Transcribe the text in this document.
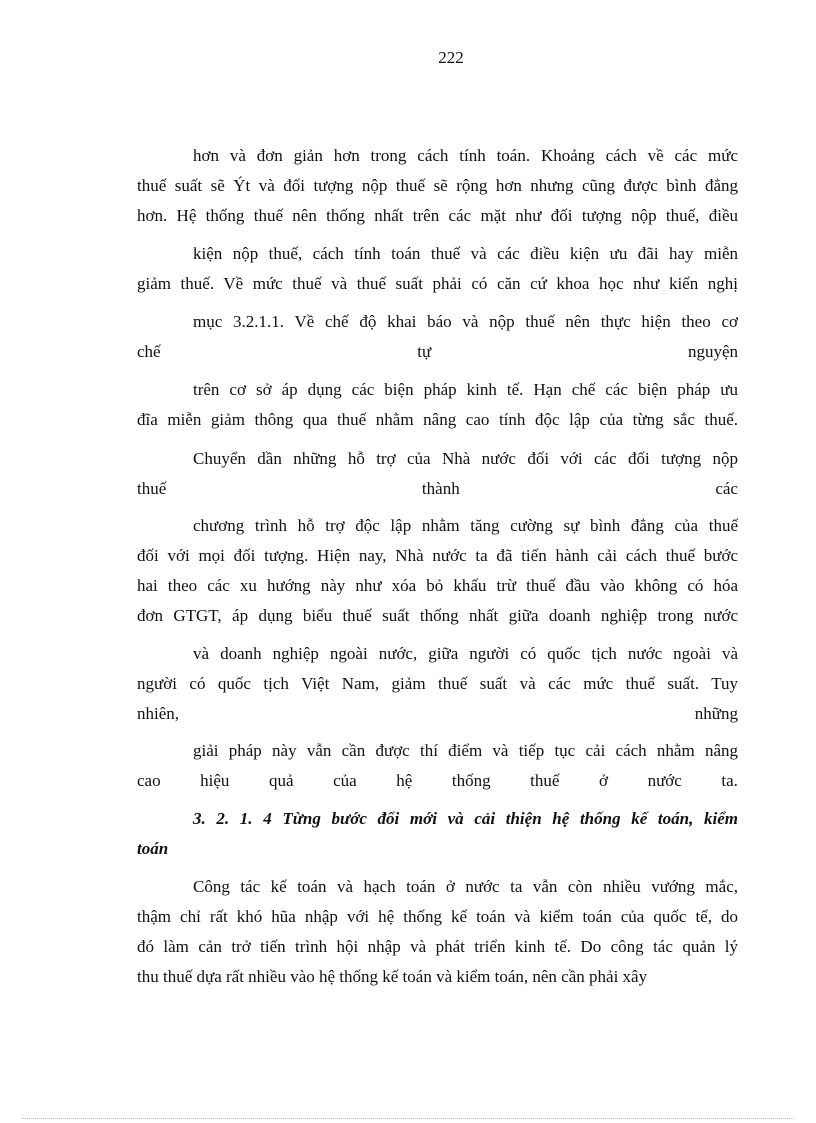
222
hơn và đơn giản hơn trong cách tính toán. Khoảng cách về các mức
thuế suất sẽ Ýt và đối tượng nộp thuế sẽ rộng hơn nhưng cũng được bình đẳng
hơn. Hệ thống thuế nên thống nhất trên các mặt như đối tượng nộp thuế, điều
kiện nộp thuế, cách tính toán thuế và các điều kiện ưu đãi hay miễn
giảm thuế. Về mức thuế và thuế suất phải có căn cứ khoa học như kiến nghị
mục 3.2.1.1. Về chế độ khai báo và nộp thuế nên thực hiện theo cơ
chế	tự	nguyện
trên cơ sở áp dụng các biện pháp kinh tế. Hạn chế các biện pháp ưu
đĩa miễn giảm thông qua thuế nhằm nâng cao tính độc lập của từng sắc thuế.
Chuyển dần những hỗ trợ của Nhà nước đối với các đối tượng nộp
thuế	thành	các
chương trình hỗ trợ độc lập nhằm tăng cường sự bình đẳng của thuế
đối với mọi đối tượng. Hiện nay, Nhà nước ta đã tiến hành cải cách thuế bước
hai theo các xu hướng này như xóa bỏ khấu trừ thuế đầu vào không có hóa
đơn GTGT, áp dụng biểu thuế suất thống nhất giữa doanh nghiệp trong nước
và doanh nghiệp ngoài nước, giữa người có quốc tịch nước ngoài và
người có quốc tịch Việt Nam, giảm thuế suất và các mức thuế suất. Tuy
nhiên,	những
giải pháp này vẫn cần được thí điểm và tiếp tục cải cách nhằm nâng
cao hiệu quả của hệ thống thuế ở nước ta.
3. 2. 1. 4 Từng bước đổi mới và cải thiện hệ thống kế toán, kiểm
toán
Công tác kế toán và hạch toán ở nước ta vẫn còn nhiều vướng mắc,
thậm chỉ rất khó hũa nhập với hệ thống kế toán và kiểm toán của quốc tế, do
đó làm cản trở tiến trình hội nhập và phát triển kinh tế. Do công tác quản lý
thu thuế dựa rất nhiều vào hệ thống kế toán và kiểm toán, nên cần phải xây
